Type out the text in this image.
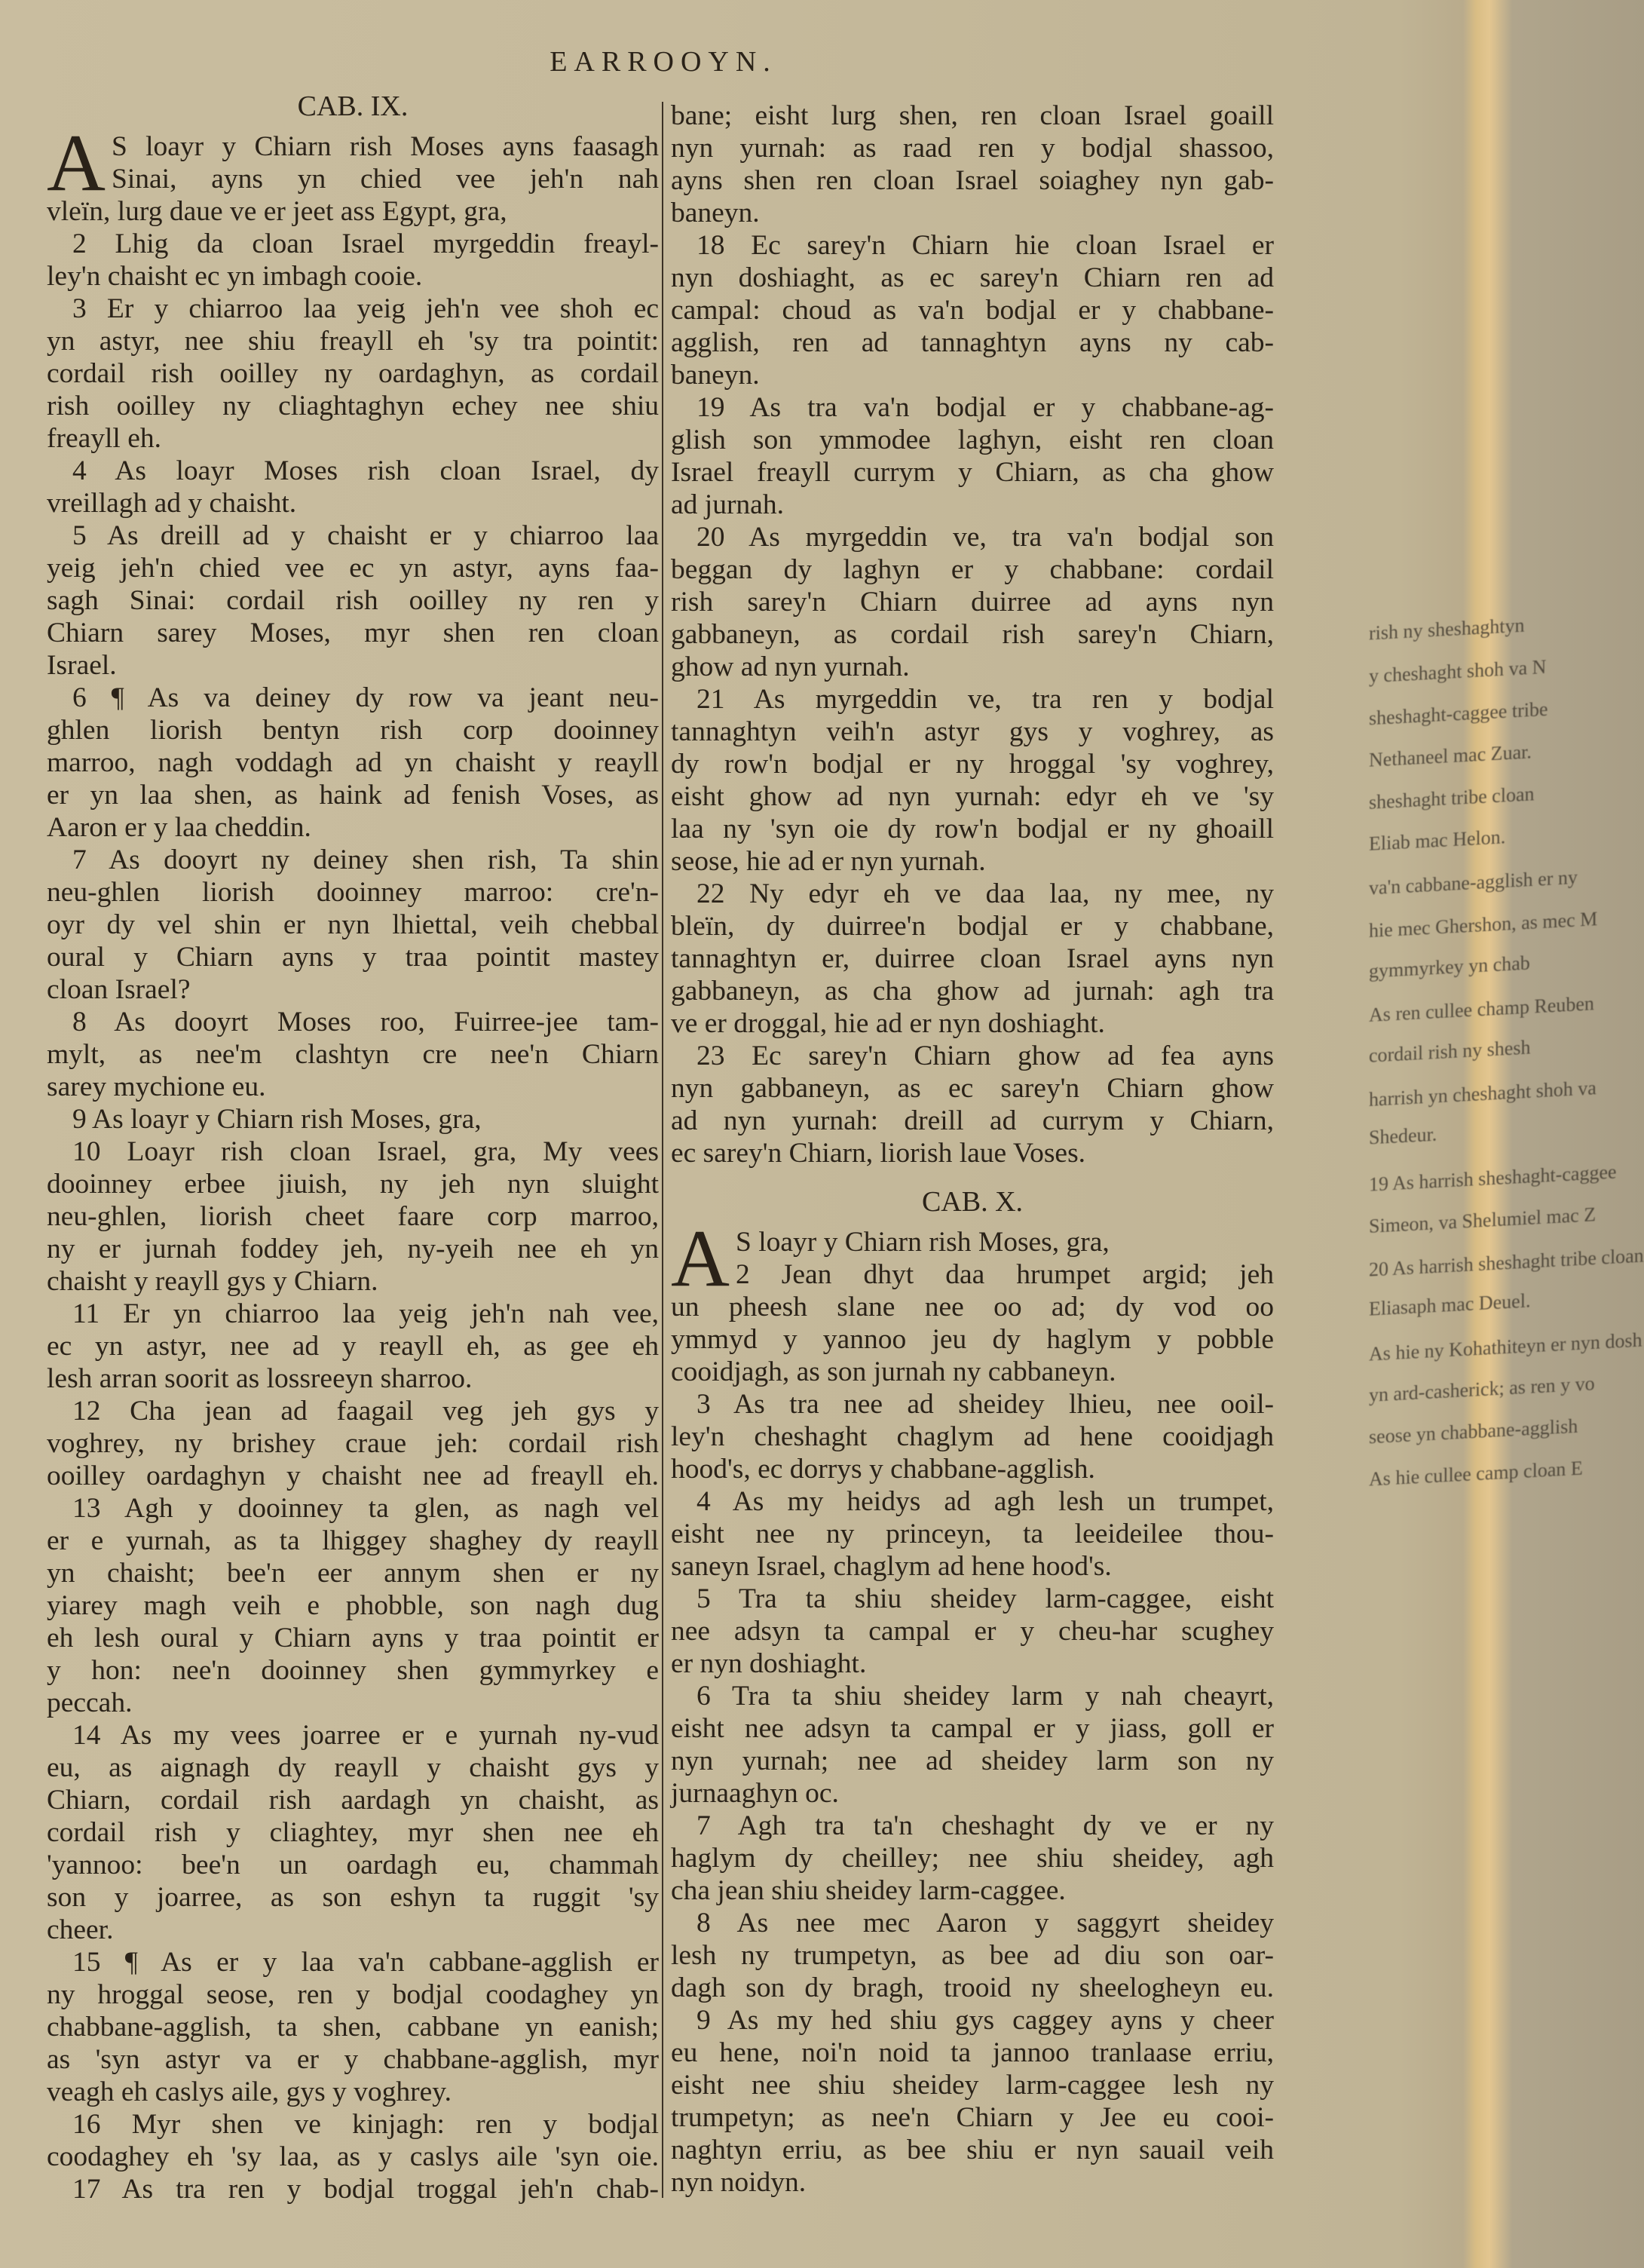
EARROOYN.
CAB. IX.
S loayr y Chiarn rish Moses ayns faasagh
A Sinai, ayns yn chied vee jeh'n nah
vleïn, lurg daue ve er jeet ass Egypt, gra,
2 Lhig da cloan Israel myrgeddin freayl-
ley'n chaisht ec yn imbagh cooie.
3 Er y chiarroo laa yeig jeh'n vee shoh ec
yn astyr, nee shiu freayll eh 'sy tra pointit:
cordail rish ooilley ny oardaghyn, as cordail
rish ooilley ny cliaghtaghyn echey nee shiu
freayll eh.
4 As loayr Moses rish cloan Israel, dy
vreillagh ad y chaisht.
5 As dreill ad y chaisht er y chiarroo laa
yeig jeh'n chied vee ec yn astyr, ayns faa-
sagh Sinai: cordail rish ooilley ny ren y
Chiarn sarey Moses, myr shen ren cloan
Israel.
6 ¶ As va deiney dy row va jeant neu-
ghlen liorish bentyn rish corp dooinney
marroo, nagh voddagh ad yn chaisht y reayll
er yn laa shen, as haink ad fenish Voses, as
Aaron er y laa cheddin.
7 As dooyrt ny deiney shen rish, Ta shin
neu-ghlen liorish dooinney marroo: cre'n-
oyr dy vel shin er nyn lhiettal, veih chebbal
oural y Chiarn ayns y traa pointit mastey
cloan Israel?
8 As dooyrt Moses roo, Fuirree-jee tam-
mylt, as nee'm clashtyn cre nee'n Chiarn
sarey mychione eu.
9 As loayr y Chiarn rish Moses, gra,
10 Loayr rish cloan Israel, gra, My vees
dooinney erbee jiuish, ny jeh nyn sluight
neu-ghlen, liorish cheet faare corp marroo,
ny er jurnah foddey jeh, ny-yeih nee eh yn
chaisht y reayll gys y Chiarn.
11 Er yn chiarroo laa yeig jeh'n nah vee,
ec yn astyr, nee ad y reayll eh, as gee eh
lesh arran soorit as lossreeyn sharroo.
12 Cha jean ad faagail veg jeh gys y
voghrey, ny brishey craue jeh: cordail rish
ooilley oardaghyn y chaisht nee ad freayll eh.
13 Agh y dooinney ta glen, as nagh vel
er e yurnah, as ta lhiggey shaghey dy reayll
yn chaisht; bee'n eer annym shen er ny
yiarey magh veih e phobble, son nagh dug
eh lesh oural y Chiarn ayns y traa pointit er
y hon: nee'n dooinney shen gymmyrkey e
peccah.
14 As my vees joarree er e yurnah ny-vud
eu, as aignagh dy reayll y chaisht gys y
Chiarn, cordail rish aardagh yn chaisht, as
cordail rish y cliaghtey, myr shen nee eh
'yannoo: bee'n un oardagh eu, chammah
son y joarree, as son eshyn ta ruggit 'sy
cheer.
15 ¶ As er y laa va'n cabbane-agglish er
ny hroggal seose, ren y bodjal coodaghey yn
chabbane-agglish, ta shen, cabbane yn eanish;
as 'syn astyr va er y chabbane-agglish, myr
veagh eh caslys aile, gys y voghrey.
16 Myr shen ve kinjagh: ren y bodjal
coodaghey eh 'sy laa, as y caslys aile 'syn oie.
17 As tra ren y bodjal troggal jeh'n chab-
bane; eisht lurg shen, ren cloan Israel goaill
nyn yurnah: as raad ren y bodjal shassoo,
ayns shen ren cloan Israel soiaghey nyn gab-
baneyn.
18 Ec sarey'n Chiarn hie cloan Israel er
nyn doshiaght, as ec sarey'n Chiarn ren ad
campal: choud as va'n bodjal er y chabbane-
agglish, ren ad tannaghtyn ayns ny cab-
baneyn.
19 As tra va'n bodjal er y chabbane-ag-
glish son ymmodee laghyn, eisht ren cloan
Israel freayll currym y Chiarn, as cha ghow
ad jurnah.
20 As myrgeddin ve, tra va'n bodjal son
beggan dy laghyn er y chabbane: cordail
rish sarey'n Chiarn duirree ad ayns nyn
gabbaneyn, as cordail rish sarey'n Chiarn,
ghow ad nyn yurnah.
21 As myrgeddin ve, tra ren y bodjal
tannaghtyn veih'n astyr gys y voghrey, as
dy row'n bodjal er ny hroggal 'sy voghrey,
eisht ghow ad nyn yurnah: edyr eh ve 'sy
laa ny 'syn oie dy row'n bodjal er ny ghoaill
seose, hie ad er nyn yurnah.
22 Ny edyr eh ve daa laa, ny mee, ny
bleïn, dy duirree'n bodjal er y chabbane,
tannaghtyn er, duirree cloan Israel ayns nyn
gabbaneyn, as cha ghow ad jurnah: agh tra
ve er droggal, hie ad er nyn doshiaght.
23 Ec sarey'n Chiarn ghow ad fea ayns
nyn gabbaneyn, as ec sarey'n Chiarn ghow
ad nyn yurnah: dreill ad currym y Chiarn,
ec sarey'n Chiarn, liorish laue Voses.
CAB. X.
S loayr y Chiarn rish Moses, gra,
A 2 Jean dhyt daa hrumpet argid; jeh
un pheesh slane nee oo ad; dy vod oo
ymmyd y yannoo jeu dy haglym y pobble
cooidjagh, as son jurnah ny cabbaneyn.
3 As tra nee ad sheidey lhieu, nee ooil-
ley'n cheshaght chaglym ad hene cooidjagh
hood's, ec dorrys y chabbane-agglish.
4 As my heidys ad agh lesh un trumpet,
eisht nee ny princeyn, ta leeideilee thou-
saneyn Israel, chaglym ad hene hood's.
5 Tra ta shiu sheidey larm-caggee, eisht
nee adsyn ta campal er y cheu-har scughey
er nyn doshiaght.
6 Tra ta shiu sheidey larm y nah cheayrt,
eisht nee adsyn ta campal er y jiass, goll er
nyn yurnah; nee ad sheidey larm son ny
jurnaaghyn oc.
7 Agh tra ta'n cheshaght dy ve er ny
haglym dy cheilley; nee shiu sheidey, agh
cha jean shiu sheidey larm-caggee.
8 As nee mec Aaron y saggyrt sheidey
lesh ny trumpetyn, as bee ad diu son oar-
dagh son dy bragh, trooid ny sheelogheyn eu.
9 As my hed shiu gys caggey ayns y cheer
eu hene, noi'n noid ta jannoo tranlaase erriu,
eisht nee shiu sheidey larm-caggee lesh ny
trumpetyn; as nee'n Chiarn y Jee eu cooi-
naghtyn erriu, as bee shiu er nyn sauail veih
nyn noidyn.
rish ny sheshaghtyn
y cheshaght shoh va N
sheshaght-caggee tribe
Nethaneel mac Zuar.
sheshaght tribe cloan
Eliab mac Helon.
va'n cabbane-agglish er ny
hie mec Ghershon, as mec M
gymmyrkey yn chab
As ren cullee champ Reuben
cordail rish ny shesh
harrish yn cheshaght shoh va
Shedeur.
19 As harrish sheshaght-caggee
Simeon, va Shelumiel mac Z
20 As harrish sheshaght tribe cloan
Eliasaph mac Deuel.
As hie ny Kohathiteyn er nyn dosh
yn ard-casherick; as ren y vo
seose yn chabbane-agglish
As hie cullee camp cloan E
